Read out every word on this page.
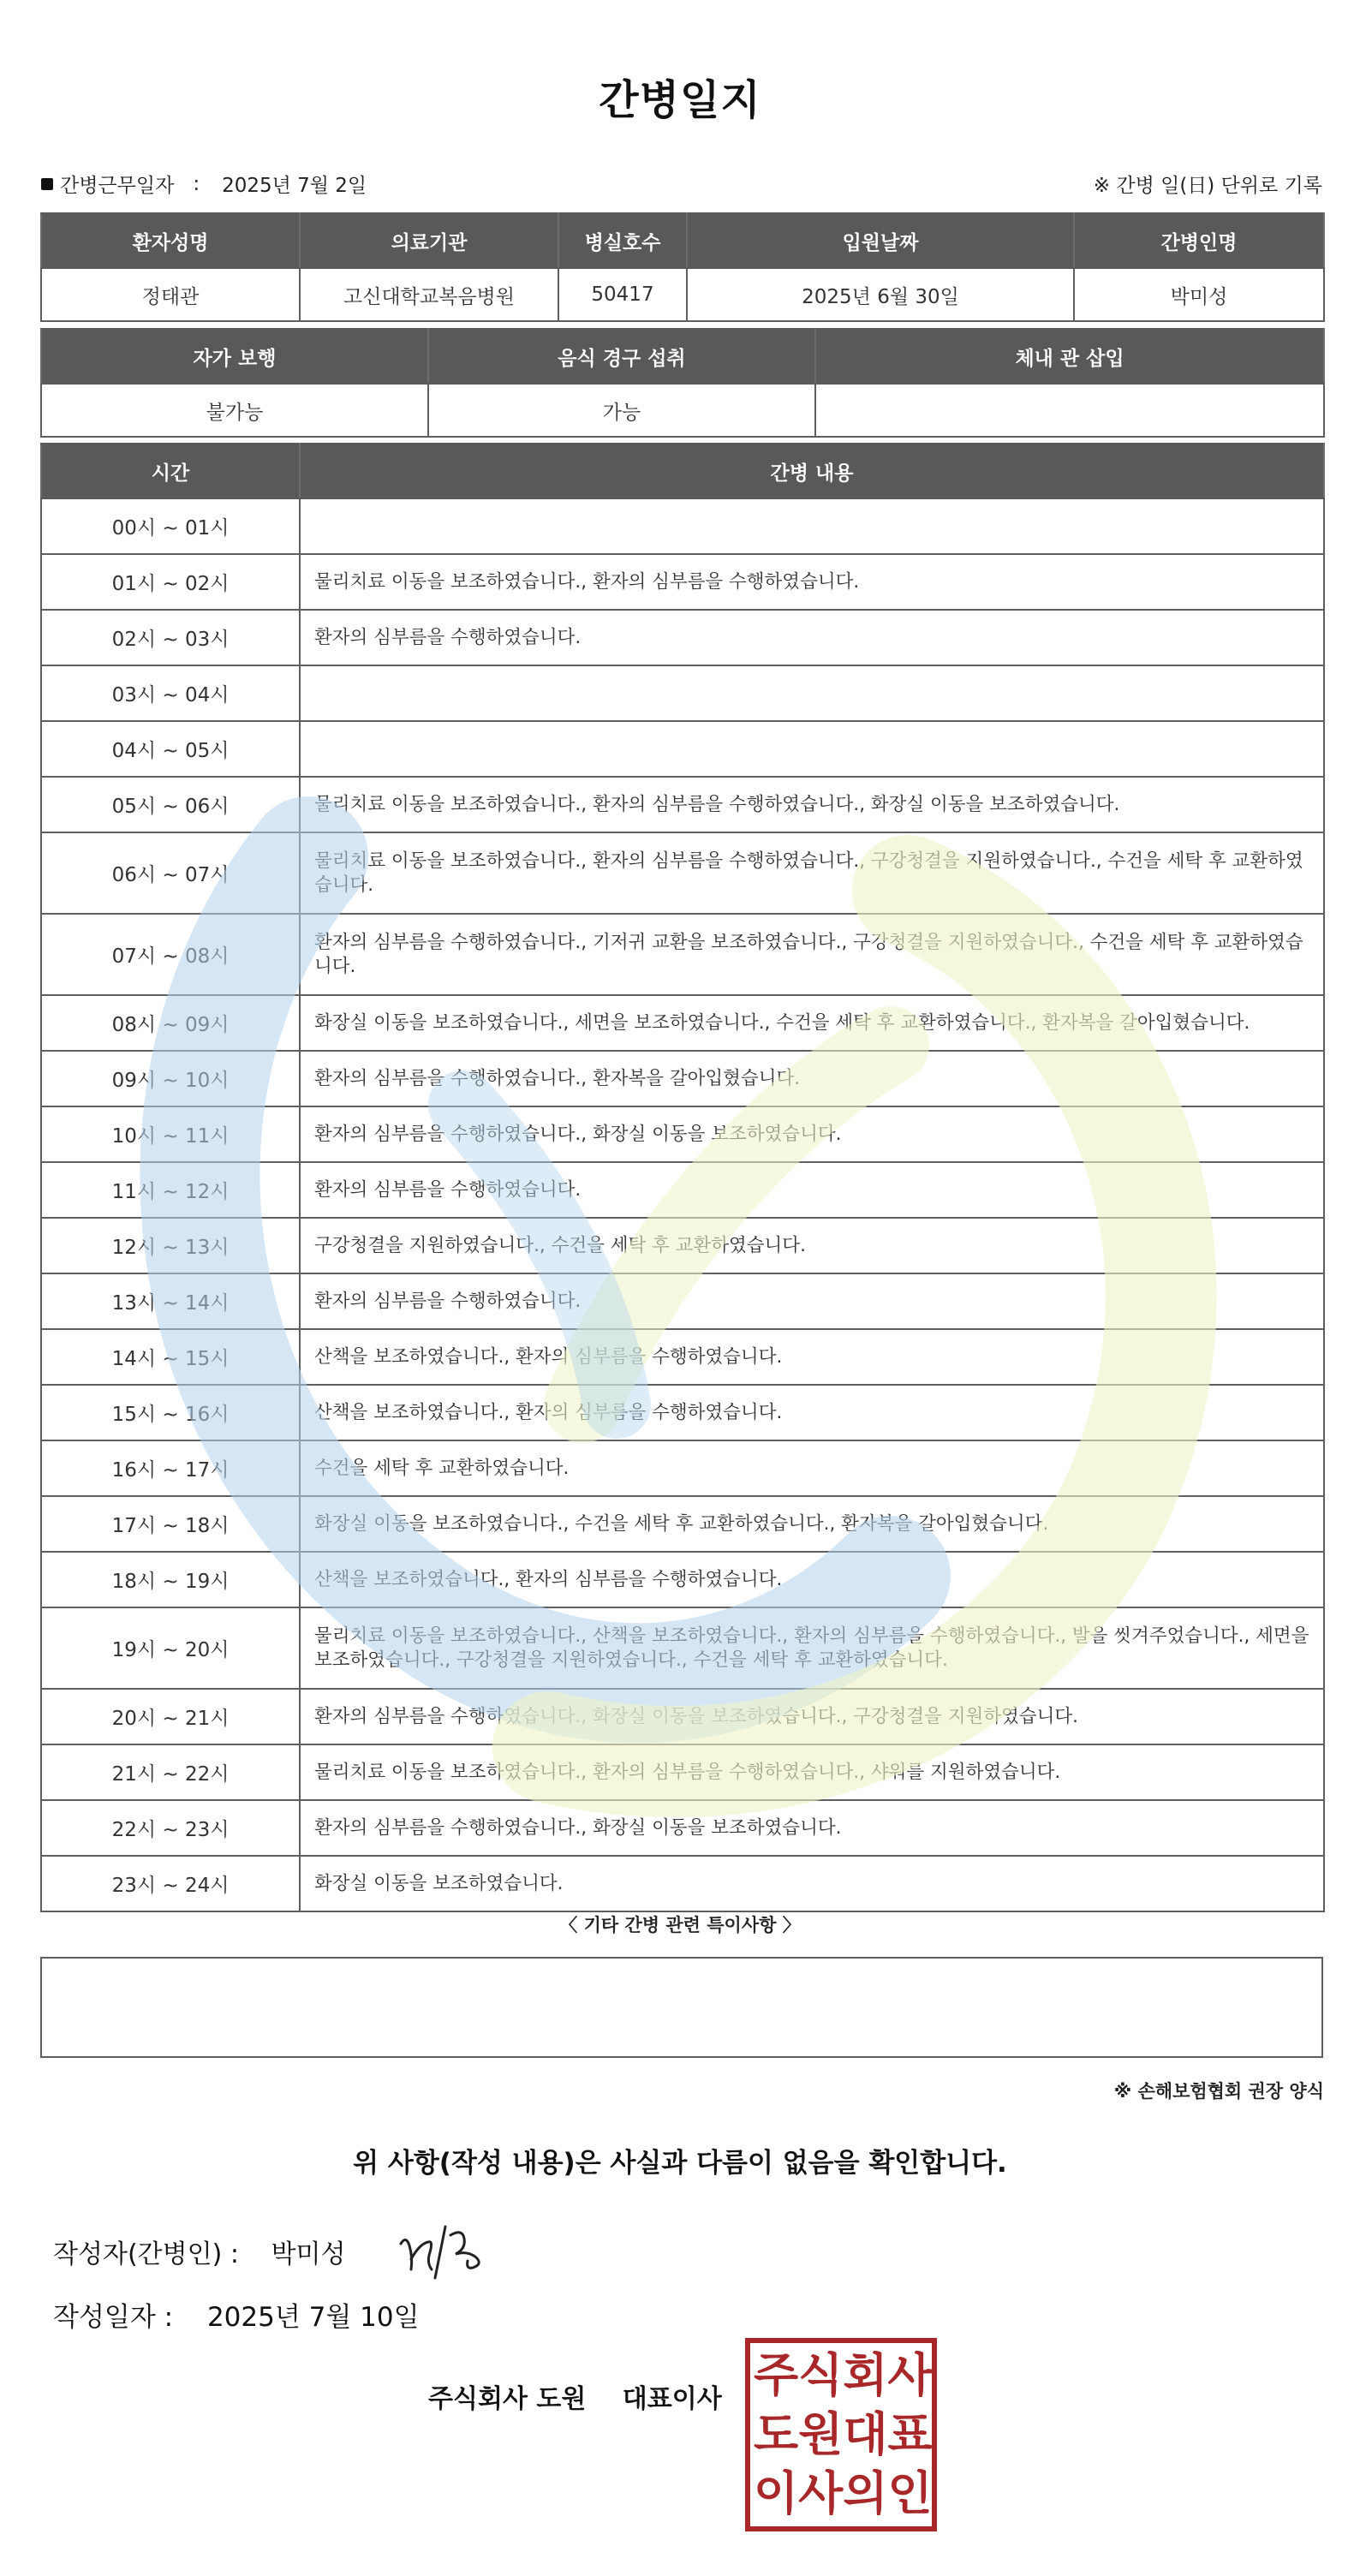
간병일지
간병근무일자 : 2025년 7월 2일	※ 간병 일(日) 단위로 기록
환자성명	의료기관	병실호수	입원날짜	간병인명
정태관	고신대학교복음병원	50417	2025년 6월 30일	박미성
자가 보행	음식 경구 섭취	체내 관 삽입
불가능	가능	
시간	간병 내용
00시 ~ 01시	
01시 ~ 02시	물리치료 이동을 보조하였습니다., 환자의 심부름을 수행하였습니다.
02시 ~ 03시	환자의 심부름을 수행하였습니다.
03시 ~ 04시	
04시 ~ 05시	
05시 ~ 06시	물리치료 이동을 보조하였습니다., 환자의 심부름을 수행하였습니다., 화장실 이동을 보조하였습니다.
06시 ~ 07시	물리치료 이동을 보조하였습니다., 환자의 심부름을 수행하였습니다., 구강청결을 지원하였습니다., 수건을 세탁 후 교환하였습니다.
07시 ~ 08시	환자의 심부름을 수행하였습니다., 기저귀 교환을 보조하였습니다., 구강청결을 지원하였습니다., 수건을 세탁 후 교환하였습니다.
08시 ~ 09시	화장실 이동을 보조하였습니다., 세면을 보조하였습니다., 수건을 세탁 후 교환하였습니다., 환자복을 갈아입혔습니다.
09시 ~ 10시	환자의 심부름을 수행하였습니다., 환자복을 갈아입혔습니다.
10시 ~ 11시	환자의 심부름을 수행하였습니다., 화장실 이동을 보조하였습니다.
11시 ~ 12시	환자의 심부름을 수행하였습니다.
12시 ~ 13시	구강청결을 지원하였습니다., 수건을 세탁 후 교환하였습니다.
13시 ~ 14시	환자의 심부름을 수행하였습니다.
14시 ~ 15시	산책을 보조하였습니다., 환자의 심부름을 수행하였습니다.
15시 ~ 16시	산책을 보조하였습니다., 환자의 심부름을 수행하였습니다.
16시 ~ 17시	수건을 세탁 후 교환하였습니다.
17시 ~ 18시	화장실 이동을 보조하였습니다., 수건을 세탁 후 교환하였습니다., 환자복을 갈아입혔습니다.
18시 ~ 19시	산책을 보조하였습니다., 환자의 심부름을 수행하였습니다.
19시 ~ 20시	물리치료 이동을 보조하였습니다., 산책을 보조하였습니다., 환자의 심부름을 수행하였습니다., 발을 씻겨주었습니다., 세면을 보조하였습니다., 구강청결을 지원하였습니다., 수건을 세탁 후 교환하였습니다.
20시 ~ 21시	환자의 심부름을 수행하였습니다., 화장실 이동을 보조하였습니다., 구강청결을 지원하였습니다.
21시 ~ 22시	물리치료 이동을 보조하였습니다., 환자의 심부름을 수행하였습니다., 샤워를 지원하였습니다.
22시 ~ 23시	환자의 심부름을 수행하였습니다., 화장실 이동을 보조하였습니다.
23시 ~ 24시	화장실 이동을 보조하였습니다.
〈 기타 간병 관련 특이사항 〉
※ 손해보험협회 권장 양식
위 사항(작성 내용)은 사실과 다름이 없음을 확인합니다.
작성자(간병인) : 박미성
작성일자 : 2025년 7월 10일
주식회사 도원 대표이사 주 식 회 사
도 원 대 표
이 사 의 인
